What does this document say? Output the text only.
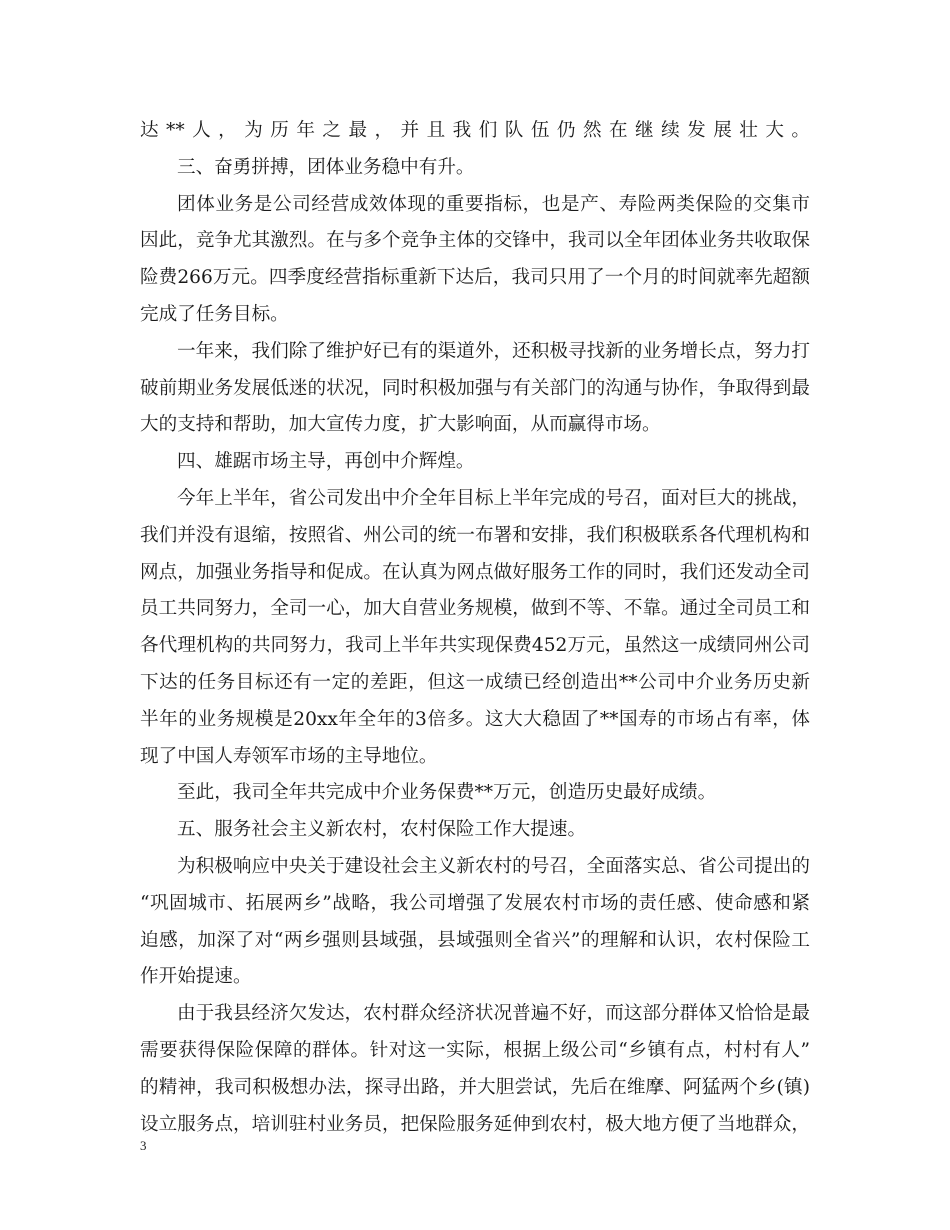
达**人，为历年之最，并且我们队伍仍然在继续发展壮大。
三、奋勇拼搏，团体业务稳中有升。
团体业务是公司经营成效体现的重要指标，也是产、寿险两类保险的交集市
因此，竞争尤其激烈。在与多个竞争主体的交锋中，我司以全年团体业务共收取保
险费266万元。四季度经营指标重新下达后，我司只用了一个月的时间就率先超额
完成了任务目标。
一年来，我们除了维护好已有的渠道外，还积极寻找新的业务增长点，努力打
破前期业务发展低迷的状况，同时积极加强与有关部门的沟通与协作，争取得到最
大的支持和帮助，加大宣传力度，扩大影响面，从而赢得市场。
四、雄踞市场主导，再创中介辉煌。
今年上半年，省公司发出中介全年目标上半年完成的号召，面对巨大的挑战，
我们并没有退缩，按照省、州公司的统一布署和安排，我们积极联系各代理机构和
网点，加强业务指导和促成。在认真为网点做好服务工作的同时，我们还发动全司
员工共同努力，全司一心，加大自营业务规模，做到不等、不靠。通过全司员工和
各代理机构的共同努力，我司上半年共实现保费452万元，虽然这一成绩同州公司
下达的任务目标还有一定的差距，但这一成绩已经创造出**公司中介业务历史新
半年的业务规模是20xx年全年的3倍多。这大大稳固了**国寿的市场占有率，体
现了中国人寿领军市场的主导地位。
至此，我司全年共完成中介业务保费**万元，创造历史最好成绩。
五、服务社会主义新农村，农村保险工作大提速。
为积极响应中央关于建设社会主义新农村的号召，全面落实总、省公司提出的
“巩固城市、拓展两乡”战略，我公司增强了发展农村市场的责任感、使命感和紧
迫感，加深了对“两乡强则县域强，县域强则全省兴”的理解和认识，农村保险工
作开始提速。
由于我县经济欠发达，农村群众经济状况普遍不好，而这部分群体又恰恰是最
需要获得保险保障的群体。针对这一实际，根据上级公司“乡镇有点，村村有人”
的精神，我司积极想办法，探寻出路，并大胆尝试，先后在维摩、阿猛两个乡(镇)
设立服务点，培训驻村业务员，把保险服务延伸到农村，极大地方便了当地群众，
3
